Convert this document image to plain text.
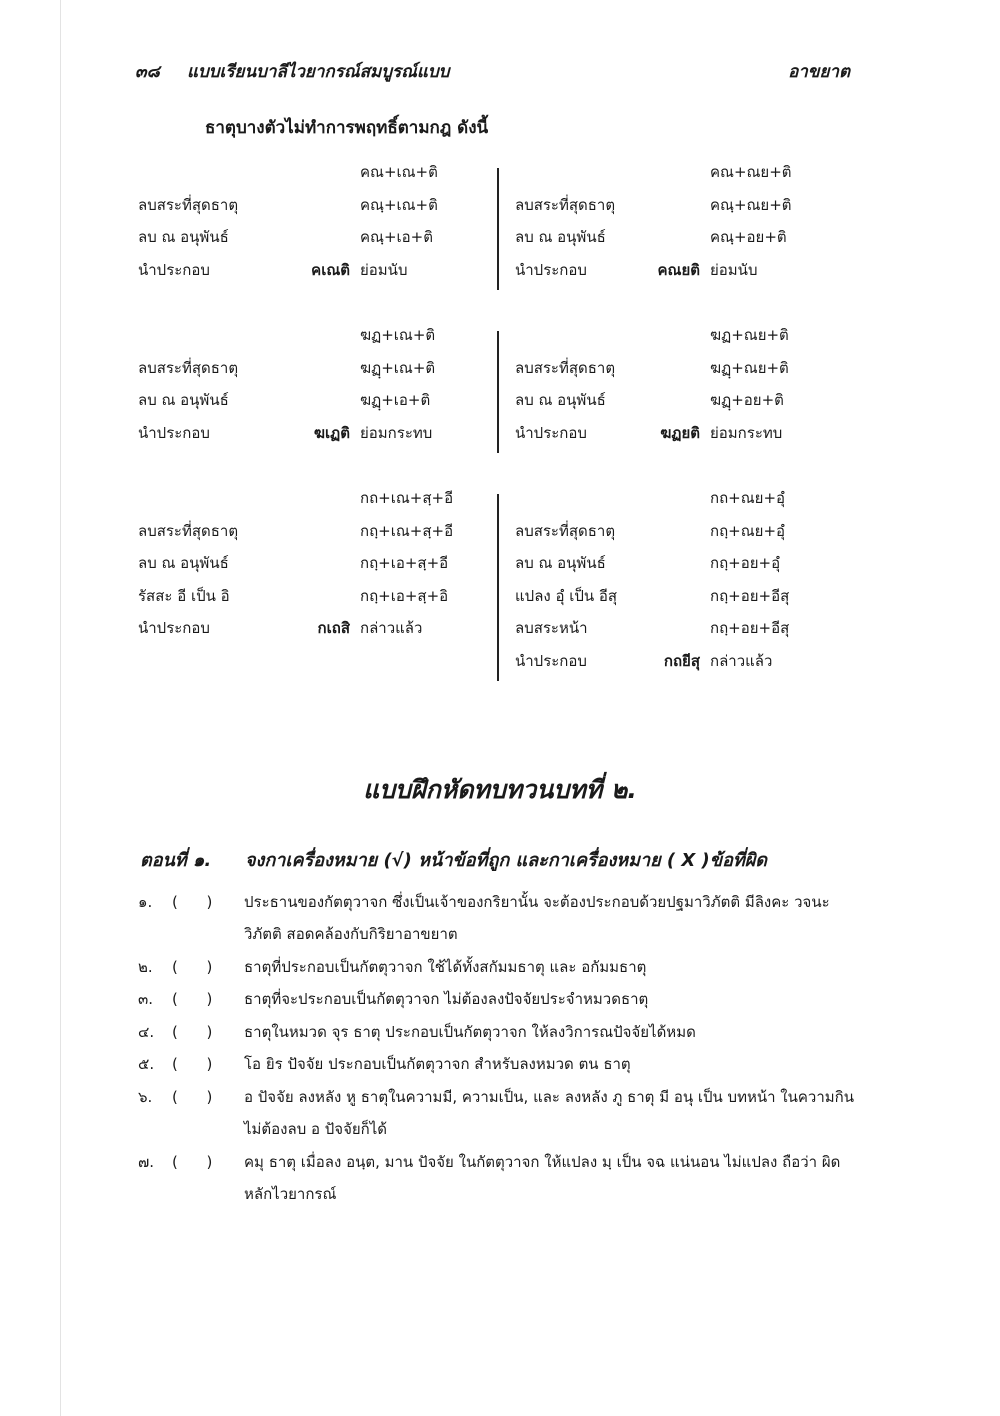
๓๘ แบบเรียนบาลีไวยากรณ์สมบูรณ์แบบ	อาขยาต
ธาตุบางตัวไม่ทำการพฤทธิ์ตามกฎ ดังนี้
คณ+เณ+ติ
ลบสระที่สุดธาตุ	คณฺ+เณ+ติ
ลบ ณ อนุพันธ์	คณฺ+เอ+ติ
นำประกอบ	คเณติ ย่อมนับ
คณ+ณย+ติ
ลบสระที่สุดธาตุ	คณฺ+ณย+ติ
ลบ ณ อนุพันธ์	คณฺ+อย+ติ
นำประกอบ	คณยติ ย่อมนับ
ฆฏ+เณ+ติ
ลบสระที่สุดธาตุ	ฆฏฺ+เณ+ติ
ลบ ณ อนุพันธ์	ฆฏฺ+เอ+ติ
นำประกอบ	ฆเฏติ ย่อมกระทบ
ฆฏ+ณย+ติ
ลบสระที่สุดธาตุ	ฆฏฺ+ณย+ติ
ลบ ณ อนุพันธ์	ฆฏฺ+อย+ติ
นำประกอบ	ฆฏยติ ย่อมกระทบ
กถ+เณ+สฺ+อี
ลบสระที่สุดธาตุ	กถฺ+เณ+สฺ+อี
ลบ ณ อนุพันธ์	กถฺ+เอ+สฺ+อี
รัสสะ อี เป็น อิ	กถฺ+เอ+สฺ+อิ
นำประกอบ	กเถสิ กล่าวแล้ว
กถ+ณย+อุํ
ลบสระที่สุดธาตุ	กถฺ+ณย+อุํ
ลบ ณ อนุพันธ์	กถฺ+อย+อุํ
แปลง อุํ เป็น อีสุ	กถฺ+อย+อีสุ
ลบสระหน้า	กถฺ+อย+อีสุ
นำประกอบ	กถยีสุ กล่าวแล้ว
แบบฝึกหัดทบทวนบทที่ ๒.
ตอนที่ ๑. จงกาเครื่องหมาย (√) หน้าข้อที่ถูก และกาเครื่องหมาย ( X )ข้อที่ผิด
๑. (      ) ประธานของกัตตุวาจก ซึ่งเป็นเจ้าของกริยานั้น จะต้องประกอบด้วยปฐมาวิภัตติ มีลิงคะ วจนะ วิภัตติ สอดคล้องกับกิริยาอาขยาต
๒. (      ) ธาตุที่ประกอบเป็นกัตตุวาจก ใช้ได้ทั้งสกัมมธาตุ และ อกัมมธาตุ
๓. (      ) ธาตุที่จะประกอบเป็นกัตตุวาจก ไม่ต้องลงปัจจัยประจำหมวดธาตุ
๔. (      ) ธาตุในหมวด จุร ธาตุ ประกอบเป็นกัตตุวาจก ให้ลงวิการณปัจจัยได้หมด
๕. (      ) โอ ยิร ปัจจัย ประกอบเป็นกัตตุวาจก สำหรับลงหมวด ตน ธาตุ
๖. (      ) อ ปัจจัย ลงหลัง หู ธาตุในความมี, ความเป็น, และ ลงหลัง ภู ธาตุ มี อนุ เป็น บทหน้า ในความกิน ไม่ต้องลบ อ ปัจจัยก็ได้
๗. (      ) คมุ ธาตุ เมื่อลง อนฺต, มาน ปัจจัย ในกัตตุวาจก ให้แปลง มฺ เป็น จฉ แน่นอน ไม่แปลง ถือว่า ผิดหลักไวยากรณ์
